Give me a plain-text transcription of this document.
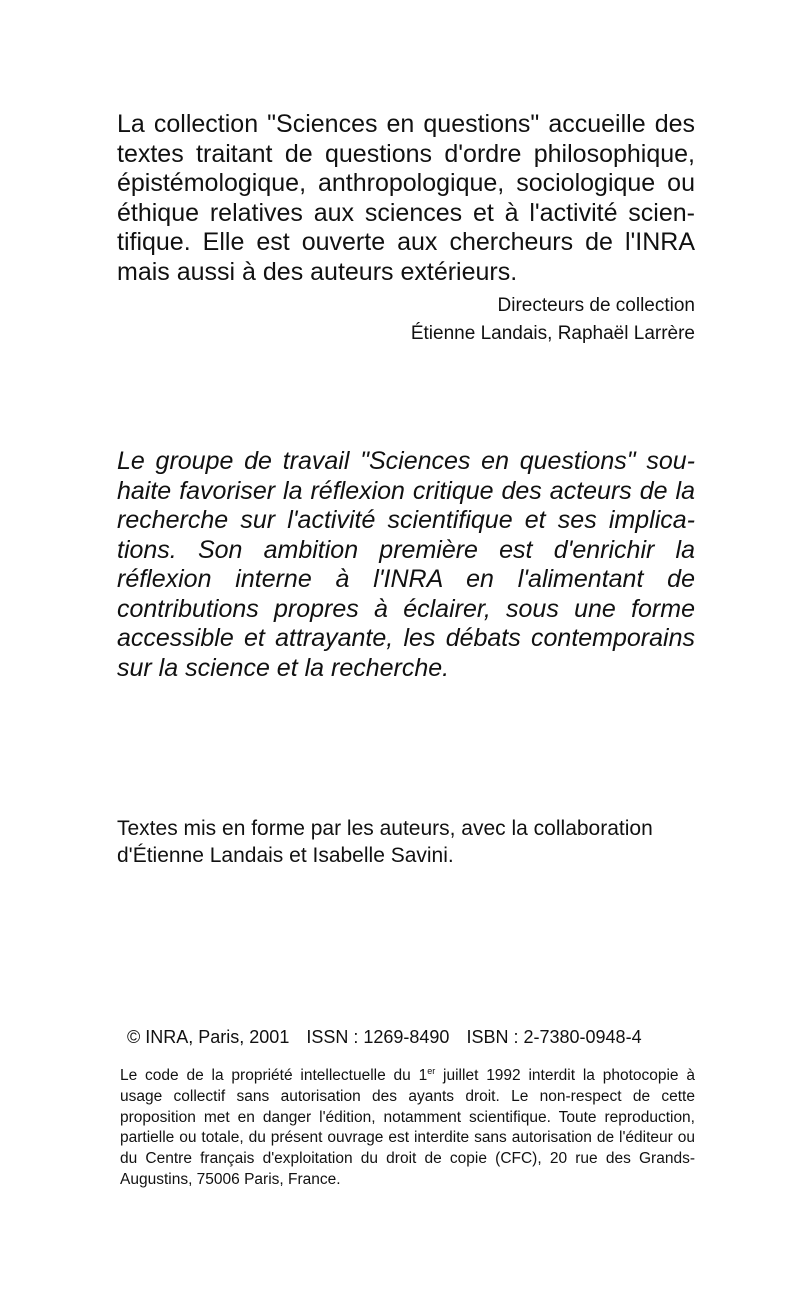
La collection "Sciences en questions" accueille des textes traitant de questions d'ordre philosophique, épistémologique, anthropologique, sociologique ou éthique relatives aux sciences et à l'activité scientifique. Elle est ouverte aux chercheurs de l'INRA mais aussi à des auteurs extérieurs.

Directeurs de collection
Étienne Landais, Raphaël Larrère

Le groupe de travail "Sciences en questions" souhaite favoriser la réflexion critique des acteurs de la recherche sur l'activité scientifique et ses implications. Son ambition première est d'enrichir la réflexion interne à l'INRA en l'alimentant de contributions propres à éclairer, sous une forme accessible et attrayante, les débats contemporains sur la science et la recherche.

Textes mis en forme par les auteurs, avec la collaboration d'Étienne Landais et Isabelle Savini.

© INRA, Paris, 2001 ISSN : 1269-8490 ISBN : 2-7380-0948-4

Le code de la propriété intellectuelle du 1er juillet 1992 interdit la photocopie à usage collectif sans autorisation des ayants droit. Le non-respect de cette proposition met en danger l'édition, notamment scientifique. Toute reproduction, partielle ou totale, du présent ouvrage est interdite sans autorisation de l'éditeur ou du Centre français d'exploitation du droit de copie (CFC), 20 rue des Grands-Augustins, 75006 Paris, France.
